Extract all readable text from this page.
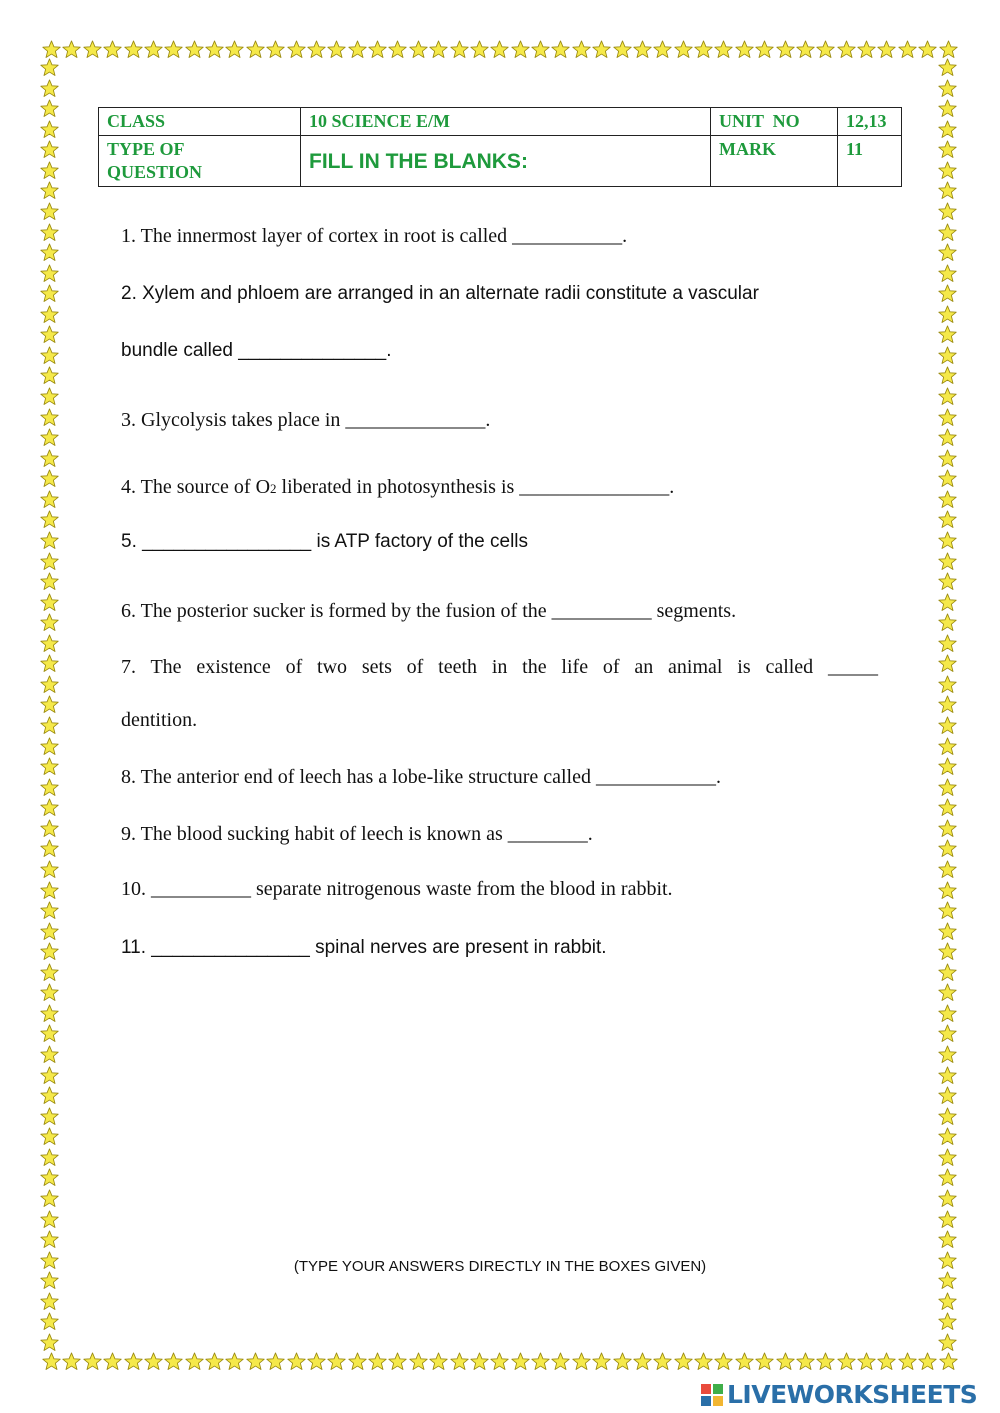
CLASS	10 SCIENCE E/M	UNIT  NO	12,13

TYPE OF
QUESTION	FILL IN THE BLANKS:	MARK	11
1. The innermost layer of cortex in root is called ___________.
2. Xylem and phloem are arranged in an alternate radii constitute a vascular
bundle called ______________.
3. Glycolysis takes place in ______________.
4. The source of O2 liberated in photosynthesis is _______________.
5. ________________ is ATP factory of the cells
6. The posterior sucker is formed by the fusion of the __________ segments.
7. The existence of two sets of teeth in the life of an animal is called _____
dentition.
8. The anterior end of leech has a lobe-like structure called ____________.
9. The blood sucking habit of leech is known as ________.
10. __________ separate nitrogenous waste from the blood in rabbit.
11. _______________ spinal nerves are present in rabbit.
(TYPE YOUR ANSWERS DIRECTLY IN THE BOXES GIVEN)
LIVEWORKSHEETS
